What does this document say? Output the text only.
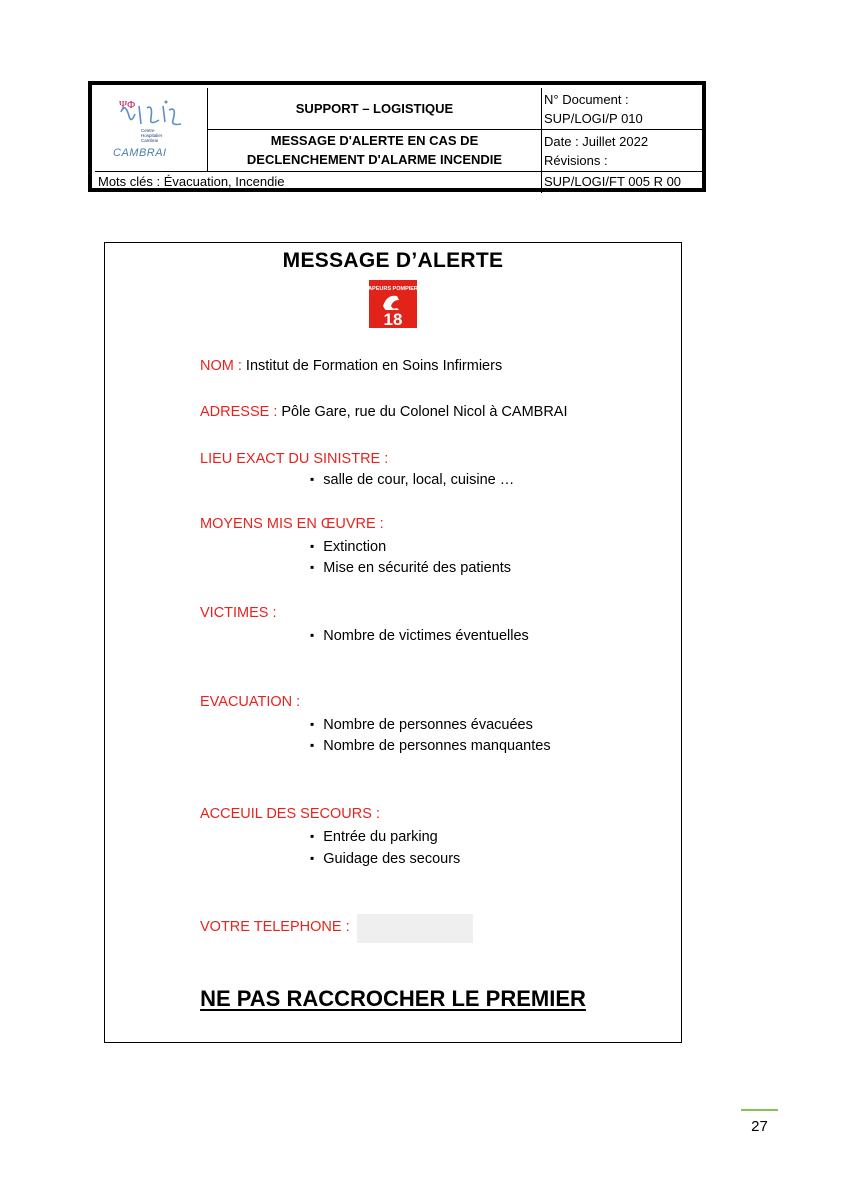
ΨΦ
Centre
Hospitalier
Cambrai
CAMBRAI
SUPPORT – LOGISTIQUE
MESSAGE D'ALERTE EN CAS DE
DECLENCHEMENT D'ALARME INCENDIE
N° Document :
SUP/LOGI/P 010
Date : Juillet 2022
Révisions :
Mots clés : Évacuation, Incendie	SUP/LOGI/FT 005 R 00
MESSAGE D’ALERTE
SAPEURS POMPIERS
18
NOM : Institut de Formation en Soins Infirmiers
ADRESSE : Pôle Gare, rue du Colonel Nicol à CAMBRAI
LIEU EXACT DU SINISTRE :
▪ salle de cour, local, cuisine …
MOYENS MIS EN ŒUVRE :
▪ Extinction
▪ Mise en sécurité des patients
VICTIMES :
▪ Nombre de victimes éventuelles
EVACUATION :
▪ Nombre de personnes évacuées
▪ Nombre de personnes manquantes
ACCEUIL DES SECOURS :
▪ Entrée du parking
▪ Guidage des secours
VOTRE TELEPHONE :
NE PAS RACCROCHER LE PREMIER
27
